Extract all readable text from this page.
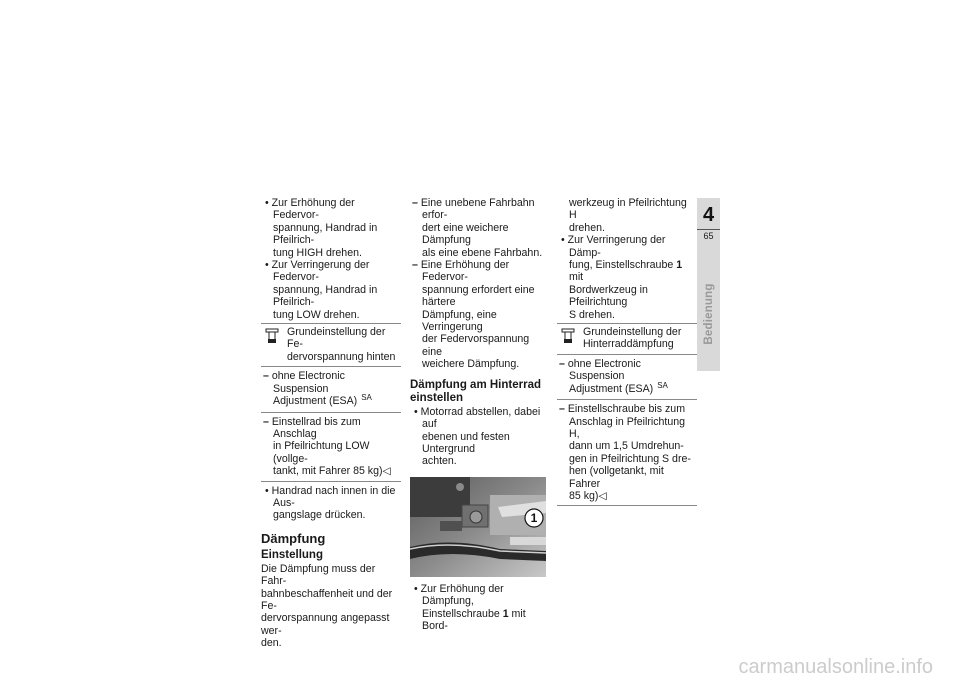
• Zur Erhöhung der Federvor-
spannung, Handrad in Pfeilrich-
tung HIGH drehen.

• Zur Verringerung der Federvor-
spannung, Handrad in Pfeilrich-
tung LOW drehen.

Grundeinstellung der Fe-
dervorspannung hinten

– ohne Electronic Suspension
Adjustment (ESA) $^{SA}$

– Einstellrad bis zum Anschlag
in Pfeilrichtung LOW (vollge-
tankt, mit Fahrer 85 kg)◁

• Handrad nach innen in die Aus-
gangslage drücken.

Dämpfung
Einstellung

Die Dämpfung muss der Fahr-
bahnbeschaffenheit und der Fe-
dervorspannung angepasst wer-
den.

– Eine unebene Fahrbahn erfor-
dert eine weichere Dämpfung
als eine ebene Fahrbahn.

– Eine Erhöhung der Federvor-
spannung erfordert eine härtere
Dämpfung, eine Verringerung
der Federvorspannung eine
weichere Dämpfung.

Dämpfung am Hinterrad
einstellen

• Motorrad abstellen, dabei auf
ebenen und festen Untergrund
achten.

1

• Zur Erhöhung der Dämpfung,
Einstellschraube 1 mit Bord-

werkzeug in Pfeilrichtung H
drehen.

• Zur Verringerung der Dämp-
fung, Einstellschraube 1 mit
Bordwerkzeug in Pfeilrichtung
S drehen.

Grundeinstellung der
Hinterraddämpfung

– ohne Electronic Suspension
Adjustment (ESA) $^{SA}$

– Einstellschraube bis zum
Anschlag in Pfeilrichtung H,
dann um 1,5 Umdrehun-
gen in Pfeilrichtung S dre-
hen (vollgetankt, mit Fahrer
85 kg)◁

4
65
Bedienung
carmanualsonline.info
